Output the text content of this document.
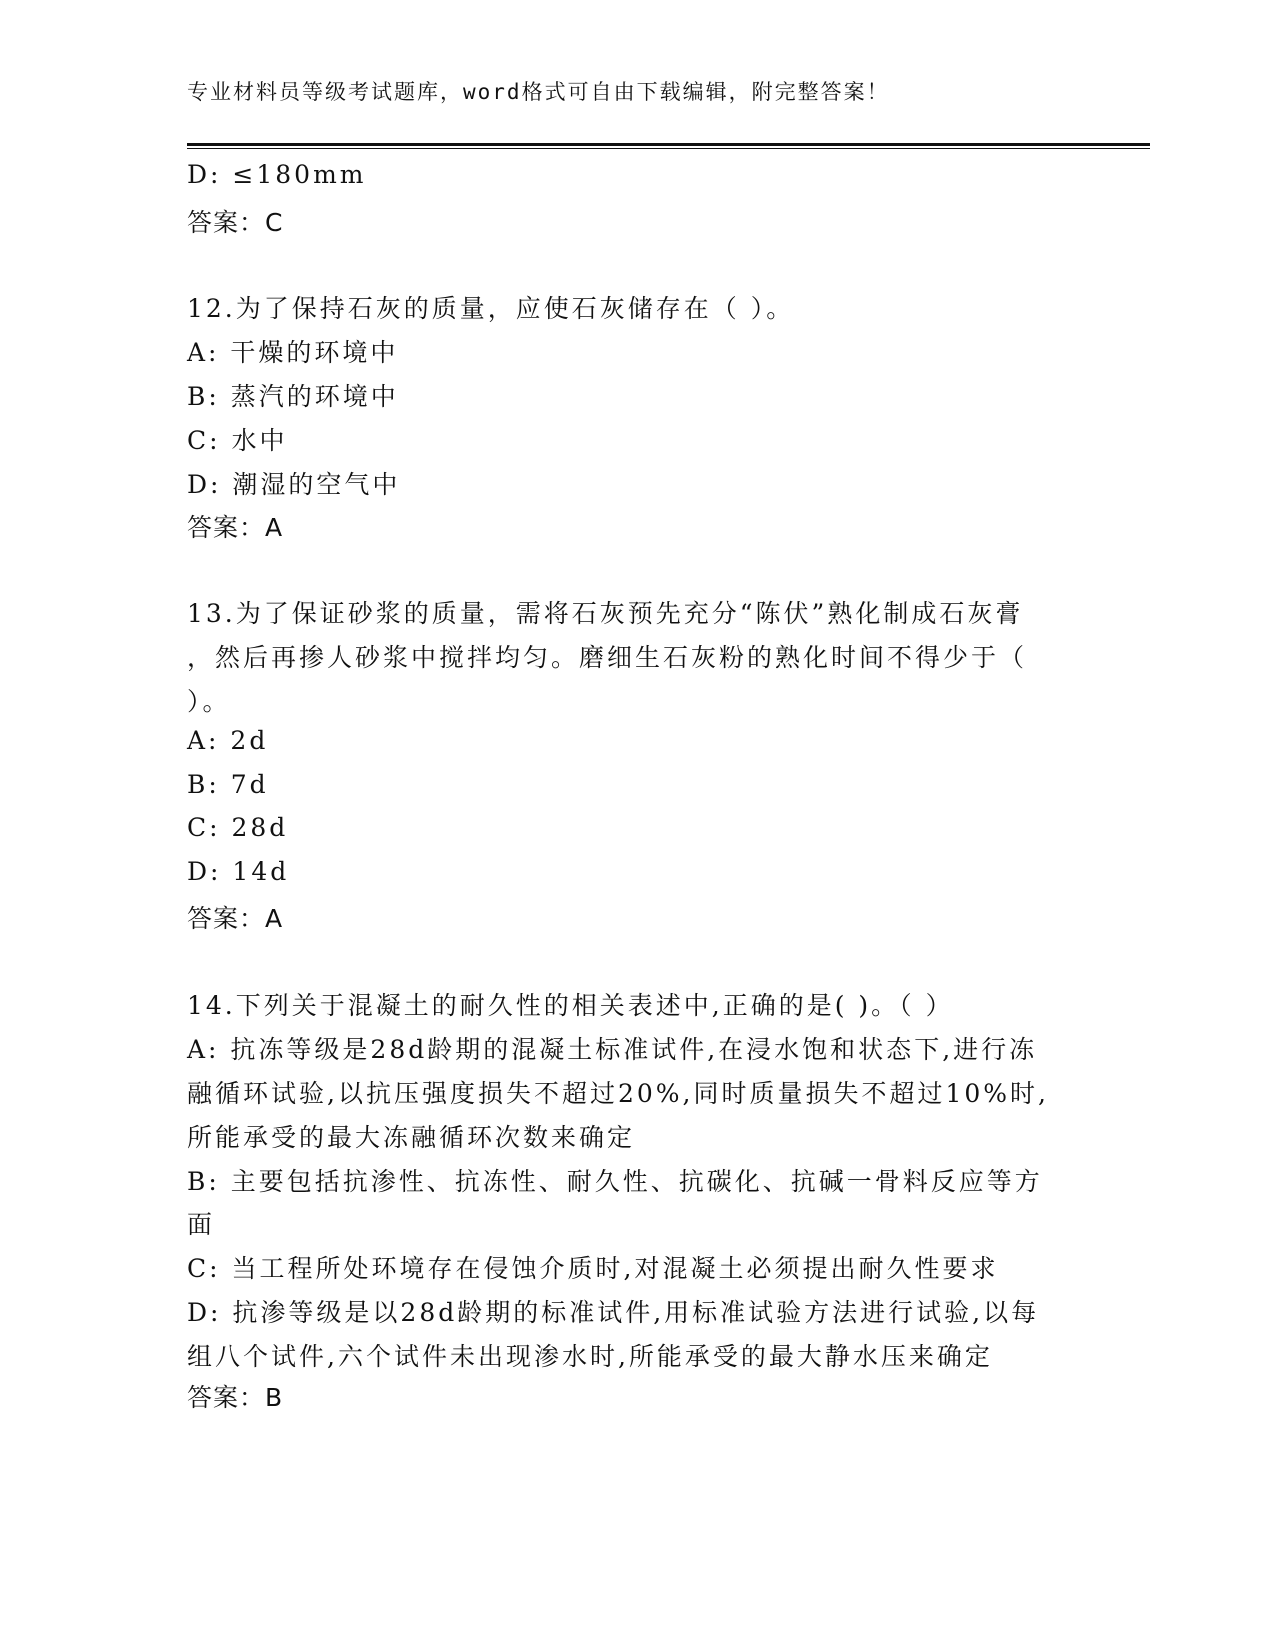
专业材料员等级考试题库，word格式可自由下载编辑，附完整答案！
D: ≤180mm
答案：C
12.为了保持石灰的质量，应使石灰储存在（ ）。
A: 干燥的环境中
B: 蒸汽的环境中
C: 水中
D: 潮湿的空气中
答案：A
13.为了保证砂浆的质量，需将石灰预先充分“陈伏”熟化制成石灰膏
，然后再掺人砂浆中搅拌均匀。磨细生石灰粉的熟化时间不得少于（
）。
A: 2d
B: 7d
C: 28d
D: 14d
答案：A
14.下列关于混凝土的耐久性的相关表述中,正确的是( )。（ ）
A: 抗冻等级是28d龄期的混凝土标准试件,在浸水饱和状态下,进行冻
融循环试验,以抗压强度损失不超过20%,同时质量损失不超过10%时,
所能承受的最大冻融循环次数来确定
B: 主要包括抗渗性、抗冻性、耐久性、抗碳化、抗碱一骨料反应等方
面
C: 当工程所处环境存在侵蚀介质时,对混凝土必须提出耐久性要求
D: 抗渗等级是以28d龄期的标准试件,用标准试验方法进行试验,以每
组八个试件,六个试件未出现渗水时,所能承受的最大静水压来确定
答案：B
